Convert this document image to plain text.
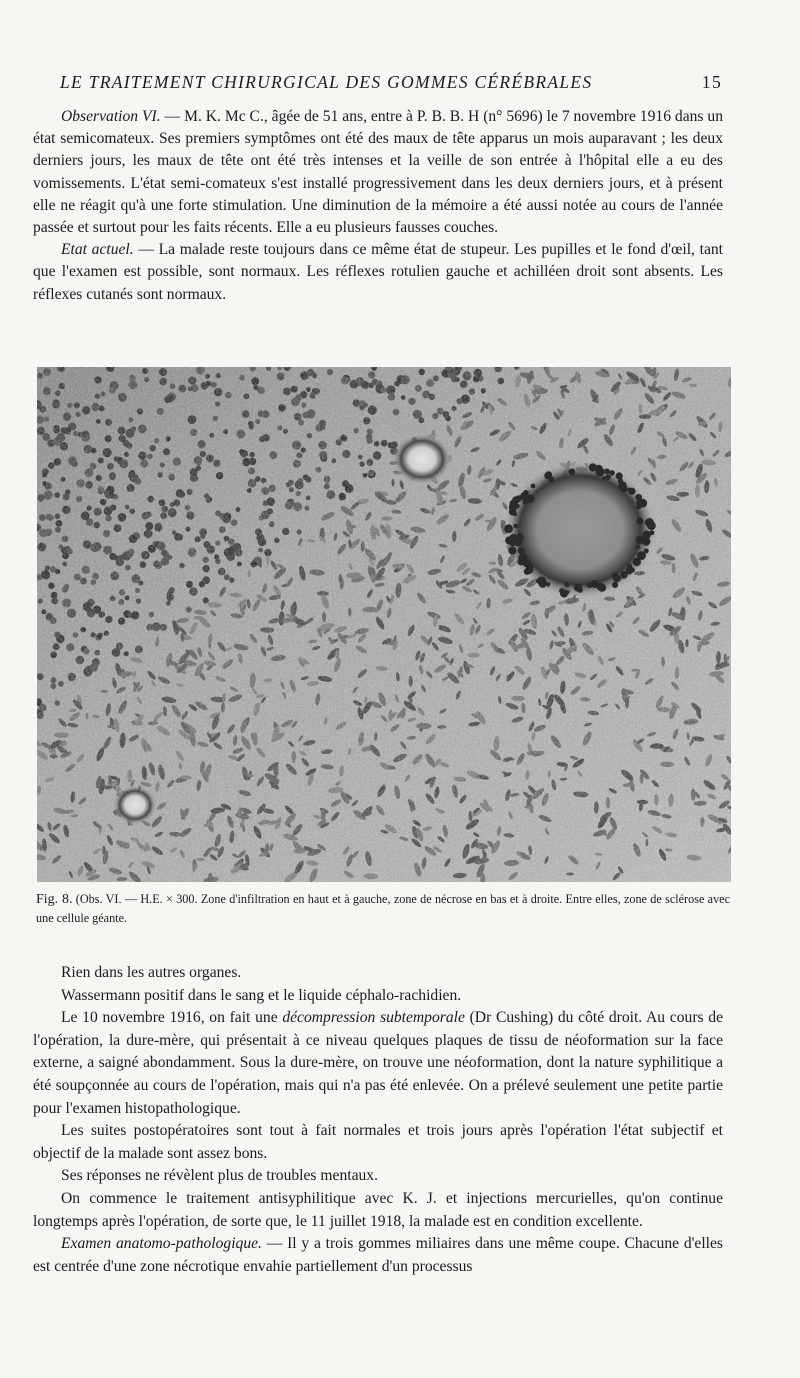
LE TRAITEMENT CHIRURGICAL DES GOMMES CÉRÉBRALES	15

Observation VI. — M. K. Mc C., âgée de 51 ans, entre à P. B. B. H (n° 5696) le 7 novembre 1916 dans un état semicomateux. Ses premiers symptômes ont été des maux de tête apparus un mois auparavant ; les deux derniers jours, les maux de tête ont été très intenses et la veille de son entrée à l'hôpital elle a eu des vomissements. L'état semi-comateux s'est installé progressivement dans les deux derniers jours, et à présent elle ne réagit qu'à une forte stimulation. Une diminution de la mémoire a été aussi notée au cours de l'année passée et surtout pour les faits récents. Elle a eu plusieurs fausses couches.

Etat actuel. — La malade reste toujours dans ce même état de stupeur. Les pupilles et le fond d'œil, tant que l'examen est possible, sont normaux. Les réflexes rotulien gauche et achilléen droit sont absents. Les réflexes cutanés sont normaux.

Fig. 8. (Obs. VI. — H.E. × 300. Zone d'infiltration en haut et à gauche, zone de nécrose en bas et à droite. Entre elles, zone de sclérose avec une cellule géante.

Rien dans les autres organes.

Wassermann positif dans le sang et le liquide céphalo-rachidien.

Le 10 novembre 1916, on fait une décompression subtemporale (Dr Cushing) du côté droit. Au cours de l'opération, la dure-mère, qui présentait à ce niveau quelques plaques de tissu de néoformation sur la face externe, a saigné abondamment. Sous la dure-mère, on trouve une néoformation, dont la nature syphilitique a été soupçonnée au cours de l'opération, mais qui n'a pas été enlevée. On a prélevé seulement une petite partie pour l'examen histopathologique.

Les suites postopératoires sont tout à fait normales et trois jours après l'opération l'état subjectif et objectif de la malade sont assez bons.

Ses réponses ne révèlent plus de troubles mentaux.

On commence le traitement antisyphilitique avec K. J. et injections mercurielles, qu'on continue longtemps après l'opération, de sorte que, le 11 juillet 1918, la malade est en condition excellente.

Examen anatomo-pathologique. — Il y a trois gommes miliaires dans une même coupe. Chacune d'elles est centrée d'une zone nécrotique envahie partiellement d'un processus
